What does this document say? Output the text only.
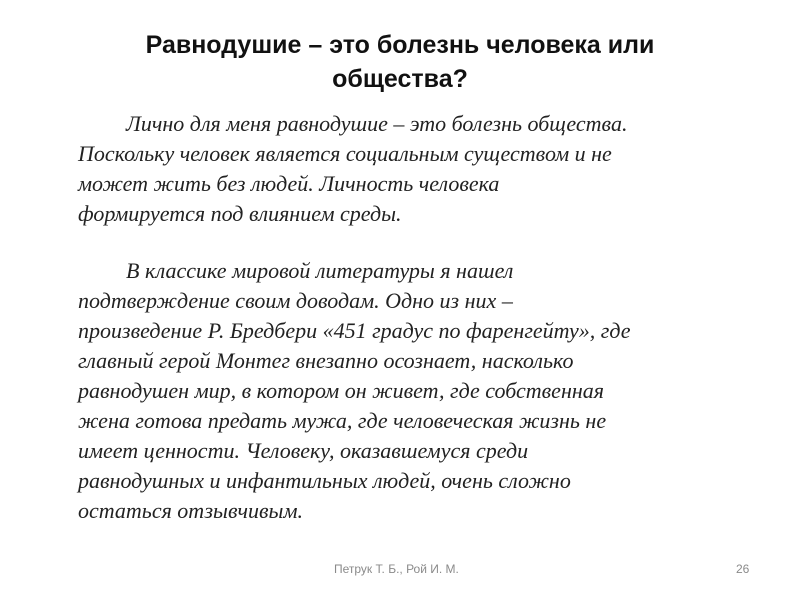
Равнодушие – это болезнь человека или
общества?

Лично для меня равнодушие – это болезнь общества.
Поскольку человек является социальным существом и не
может жить без людей. Личность человека
формируется под влиянием среды.

В классике мировой литературы я нашел
подтверждение своим доводам. Одно из них –
произведение Р. Бредбери «451 градус по фаренгейту», где
главный герой Монтег внезапно осознает, насколько
равнодушен мир, в котором он живет, где собственная
жена готова предать мужа, где человеческая жизнь не
имеет ценности. Человеку, оказавшемуся среди
равнодушных и инфантильных людей, очень сложно
остаться отзывчивым.

Петрук Т. Б., Рой И. М.	26
